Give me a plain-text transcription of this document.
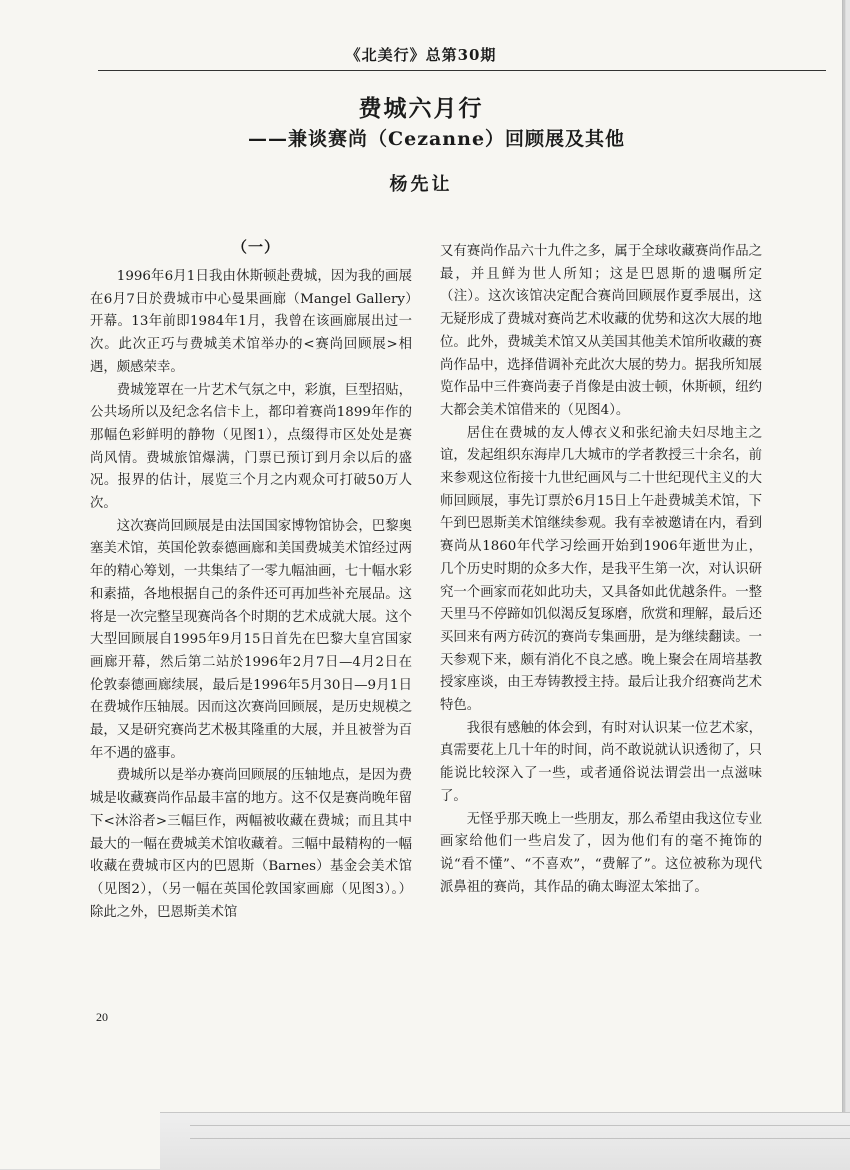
《北美行》总第30期
费城六月行
——兼谈赛尚（Cezanne）回顾展及其他
杨先让
（一）

1996年6月1日我由休斯顿赴费城，因为我的画展在6月7日於费城市中心曼果画廊（Mangel Gallery）开幕。13年前即1984年1月，我曾在该画廊展出过一次。此次正巧与费城美术馆举办的<赛尚回顾展>相遇，颇感荣幸。

费城笼罩在一片艺术气氛之中，彩旗，巨型招贴，公共场所以及纪念名信卡上，都印着赛尚1899年作的那幅色彩鲜明的静物（见图1），点缀得市区处处是赛尚风情。费城旅馆爆满，门票已预订到月余以后的盛况。报界的估计，展览三个月之内观众可打破50万人次。

这次赛尚回顾展是由法国国家博物馆协会，巴黎奥塞美术馆，英国伦敦泰德画廊和美国费城美术馆经过两年的精心筹划，一共集结了一零九幅油画，七十幅水彩和素描，各地根据自己的条件还可再加些补充展品。这将是一次完整呈现赛尚各个时期的艺术成就大展。这个大型回顾展自1995年9月15日首先在巴黎大皇宫国家画廊开幕，然后第二站於1996年2月7日—4月2日在伦敦泰德画廊续展，最后是1996年5月30日—9月1日在费城作压轴展。因而这次赛尚回顾展，是历史规模之最，又是研究赛尚艺术极其隆重的大展，并且被誉为百年不遇的盛事。

费城所以是举办赛尚回顾展的压轴地点，是因为费城是收藏赛尚作品最丰富的地方。这不仅是赛尚晚年留下<沐浴者>三幅巨作，两幅被收藏在费城；而且其中最大的一幅在费城美术馆收藏着。三幅中最精构的一幅收藏在费城市区内的巴恩斯（Barnes）基金会美术馆（见图2），（另一幅在英国伦敦国家画廊（见图3）。）除此之外，巴恩斯美术馆

又有赛尚作品六十九件之多，属于全球收藏赛尚作品之最，并且鲜为世人所知；这是巴恩斯的遗嘱所定（注）。这次该馆决定配合赛尚回顾展作夏季展出，这无疑形成了费城对赛尚艺术收藏的优势和这次大展的地位。此外，费城美术馆又从美国其他美术馆所收藏的赛尚作品中，选择借调补充此次大展的势力。据我所知展览作品中三件赛尚妻子肖像是由波士顿，休斯顿，纽约大都会美术馆借来的（见图4）。

居住在费城的友人傅衣义和张纪渝夫妇尽地主之谊，发起组织东海岸几大城市的学者教授三十余名，前来参观这位衔接十九世纪画风与二十世纪现代主义的大师回顾展，事先订票於6月15日上午赴费城美术馆，下午到巴恩斯美术馆继续参观。我有幸被邀请在内，看到赛尚从1860年代学习绘画开始到1906年逝世为止，几个历史时期的众多大作，是我平生第一次，对认识研究一个画家而花如此功夫，又具备如此优越条件。一整天里马不停蹄如饥似渴反复琢磨，欣赏和理解，最后还买回来有两方砖沉的赛尚专集画册，是为继续翻读。一天参观下来，颇有消化不良之感。晚上聚会在周培基教授家座谈，由王寿铸教授主持。最后让我介绍赛尚艺术特色。

我很有感触的体会到，有时对认识某一位艺术家，真需要花上几十年的时间，尚不敢说就认识透彻了，只能说比较深入了一些，或者通俗说法谓尝出一点滋味了。

无怪乎那天晚上一些朋友，那么希望由我这位专业画家给他们一些启发了，因为他们有的毫不掩饰的说“看不懂”、“不喜欢”，“费解了”。这位被称为现代派鼻祖的赛尚，其作品的确太晦涩太笨拙了。

20
